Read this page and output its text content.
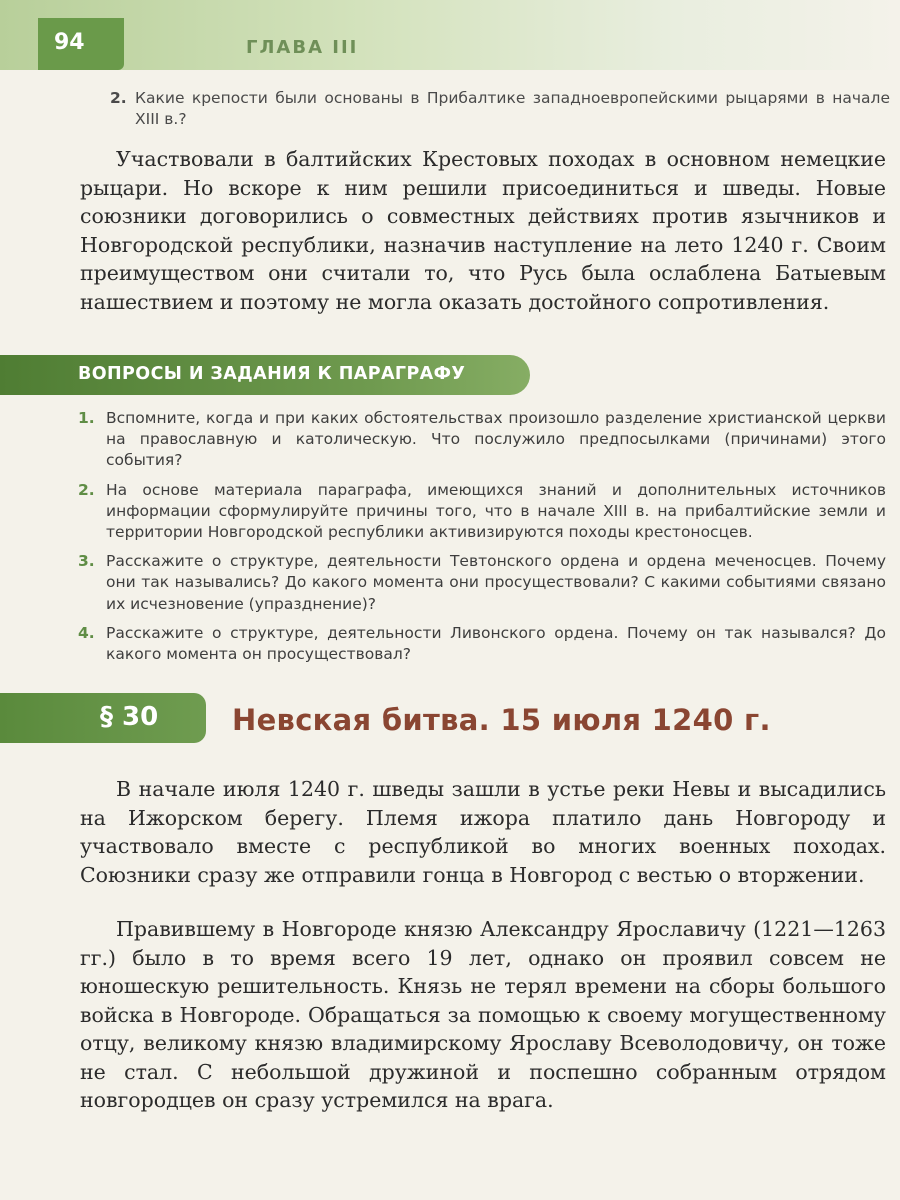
94	ГЛАВА III
2. Какие крепости были основаны в Прибалтике западноевропейскими рыцарями в начале XIII в.?

Участвовали в балтийских Крестовых походах в основном немецкие рыцари. Но вскоре к ним решили присоединиться и шведы. Новые союзники договорились о совместных действиях против язычников и Новгородской республики, назначив наступление на лето 1240 г. Своим преимуществом они считали то, что Русь была ослаблена Батыевым нашествием и поэтому не могла оказать достойного сопротивления.

ВОПРОСЫ И ЗАДАНИЯ К ПАРАГРАФУ
1. Вспомните, когда и при каких обстоятельствах произошло разделение христианской церкви на православную и католическую. Что послужило предпосылками (причинами) этого события?
2. На основе материала параграфа, имеющихся знаний и дополнительных источников информации сформулируйте причины того, что в начале XIII в. на прибалтийские земли и территории Новгородской республики активизируются походы крестоносцев.
3. Расскажите о структуре, деятельности Тевтонского ордена и ордена меченосцев. Почему они так назывались? До какого момента они просуществовали? С какими событиями связано их исчезновение (упразднение)?
4. Расскажите о структуре, деятельности Ливонского ордена. Почему он так назывался? До какого момента он просуществовал?
§ 30	Невская битва. 15 июля 1240 г.

В начале июля 1240 г. шведы зашли в устье реки Невы и высадились на Ижорском берегу. Племя ижора платило дань Новгороду и участвовало вместе с республикой во многих военных походах. Союзники сразу же отправили гонца в Новгород с вестью о вторжении.

Правившему в Новгороде князю Александру Ярославичу (1221—1263 гг.) было в то время всего 19 лет, однако он проявил совсем не юношескую решительность. Князь не терял времени на сборы большого войска в Новгороде. Обращаться за помощью к своему могущественному отцу, великому князю владимирскому Ярославу Всеволодовичу, он тоже не стал. С небольшой дружиной и поспешно собранным отрядом новгородцев он сразу устремился на врага.
